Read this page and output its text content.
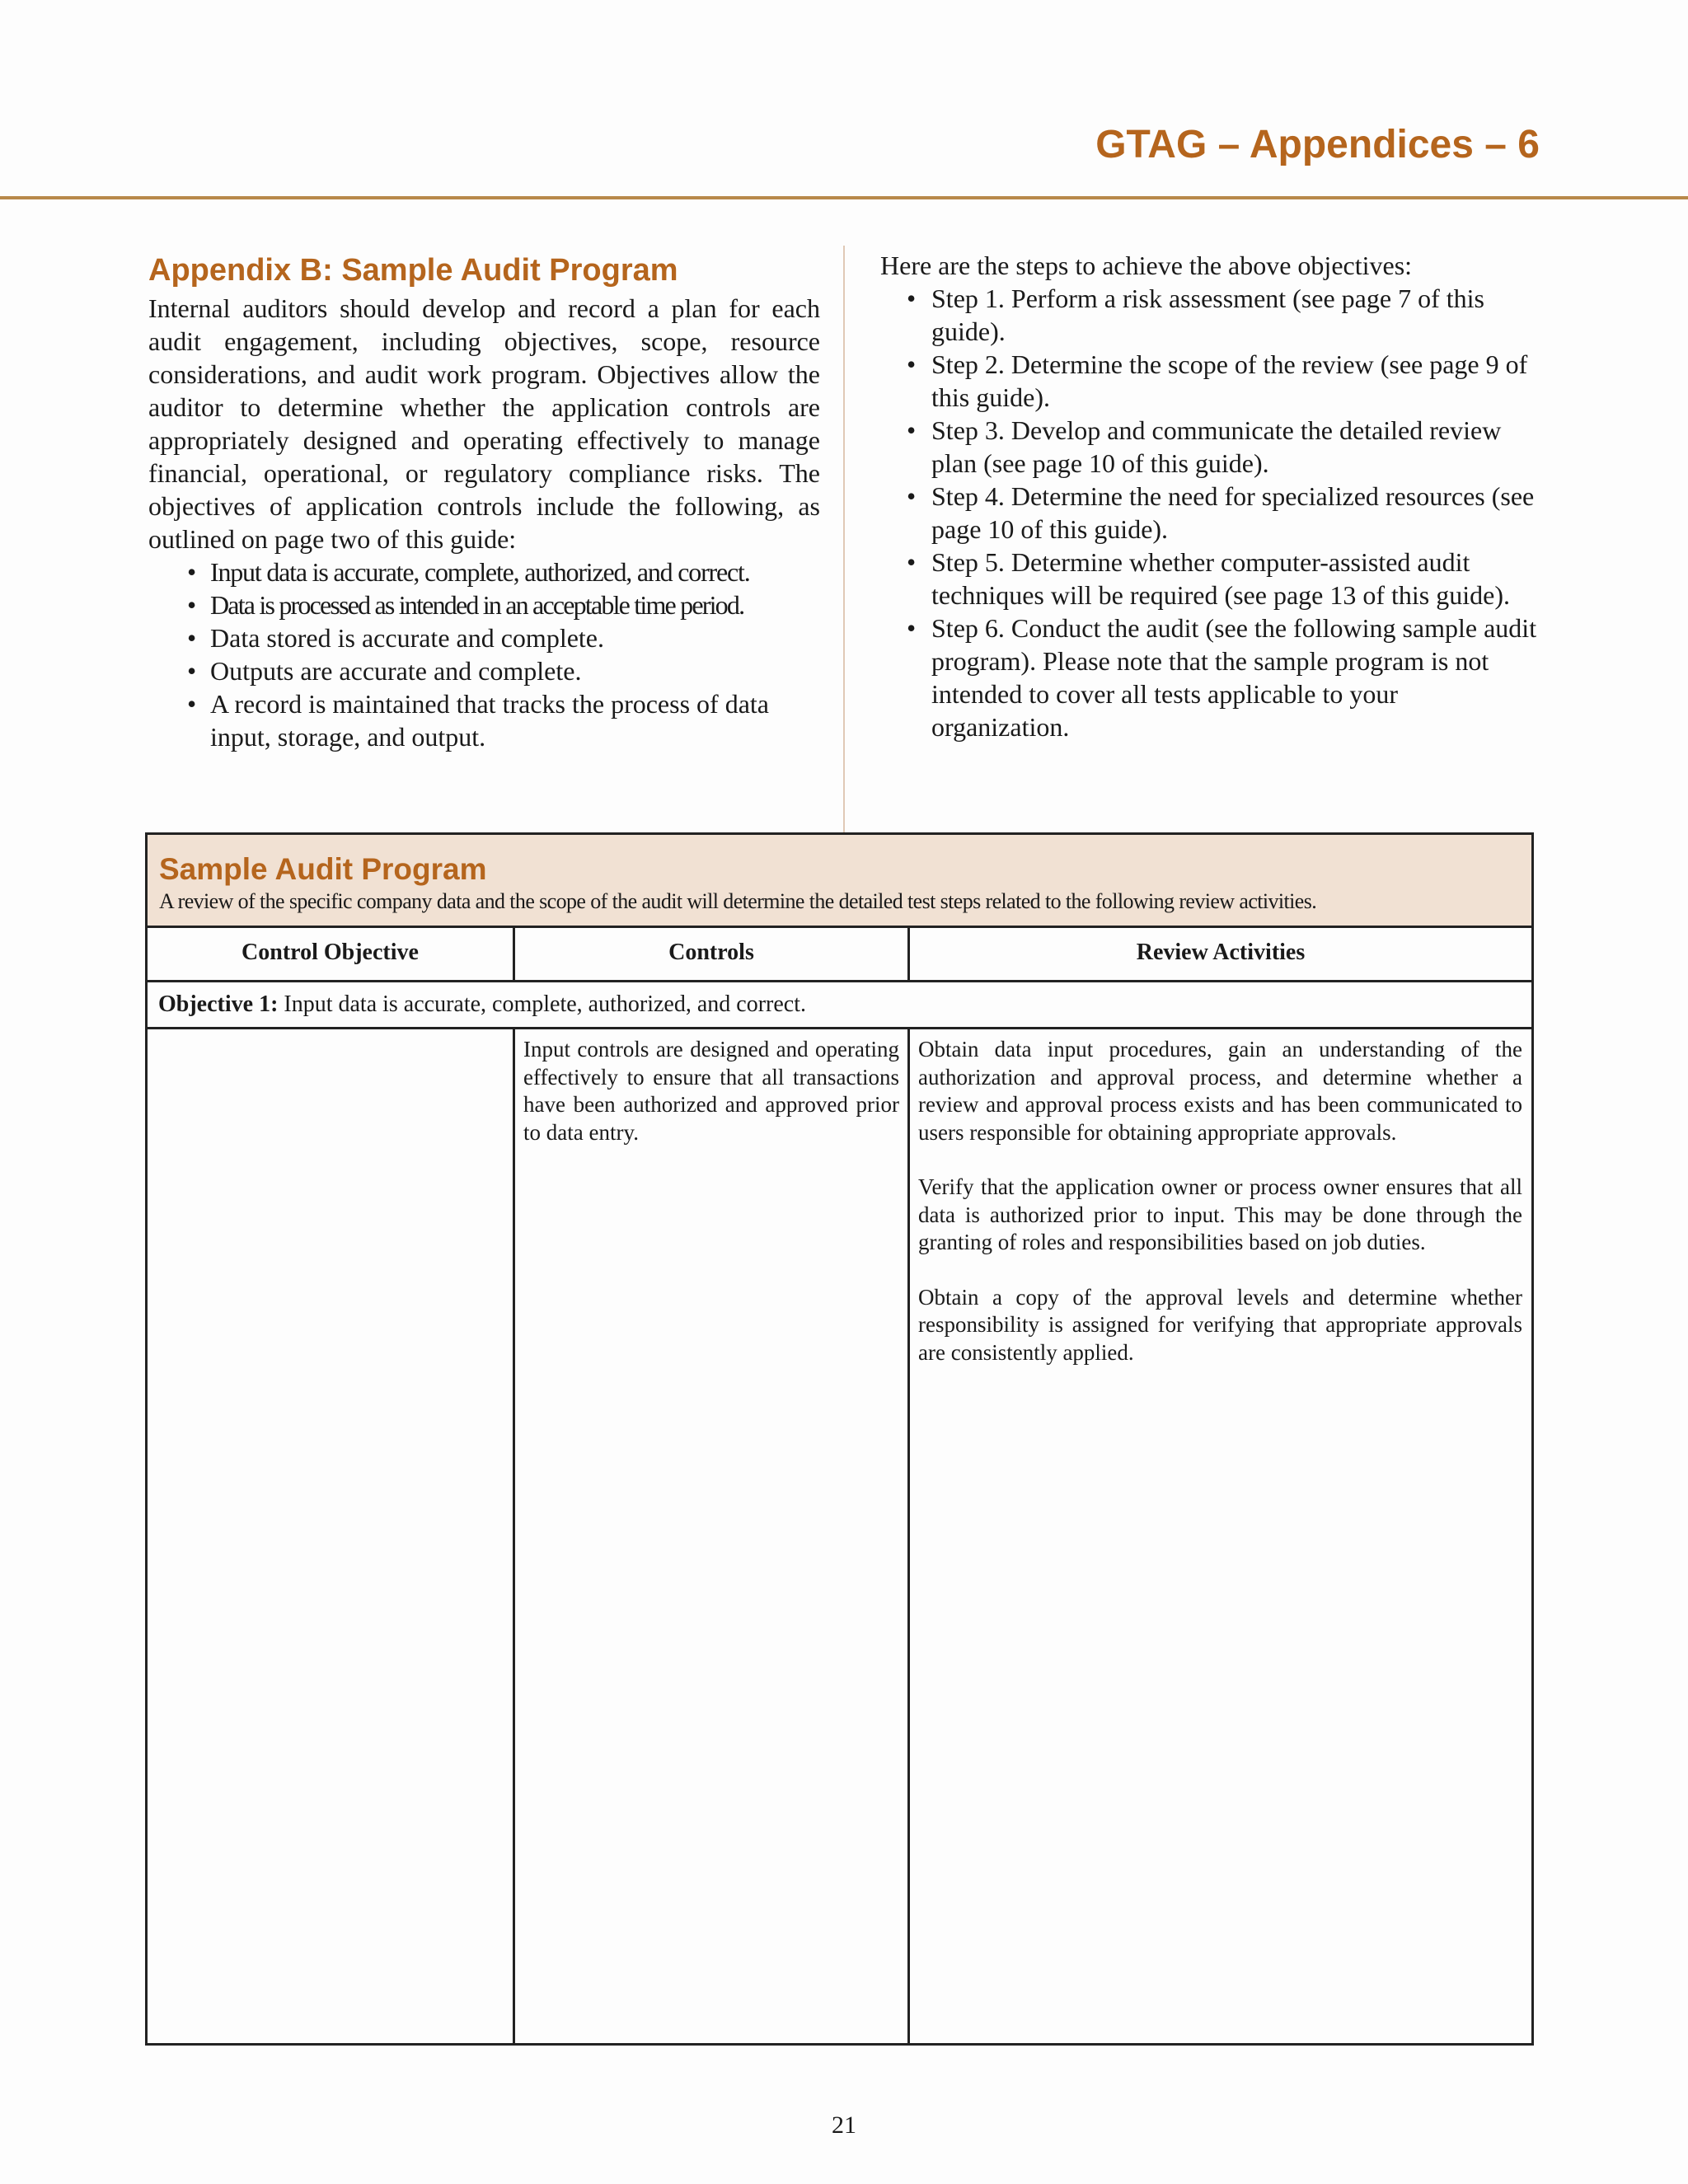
GTAG – Appendices – 6
Appendix B: Sample Audit Program

Internal auditors should develop and record a plan for each audit engagement, including objectives, scope, resource considerations, and audit work program. Objectives allow the auditor to determine whether the application controls are appropriately designed and operating effectively to manage financial, operational, or regulatory compliance risks. The objectives of application controls include the following, as outlined on page two of this guide:

• Input data is accurate, complete, authorized, and correct.
• Data is processed as intended in an acceptable time period.
• Data stored is accurate and complete.
• Outputs are accurate and complete.
• A record is maintained that tracks the process of data input, storage, and output.

Here are the steps to achieve the above objectives:

• Step 1. Perform a risk assessment (see page 7 of this guide).
• Step 2. Determine the scope of the review (see page 9 of this guide).
• Step 3. Develop and communicate the detailed review plan (see page 10 of this guide).
• Step 4. Determine the need for specialized resources (see page 10 of this guide).
• Step 5. Determine whether computer-assisted audit techniques will be required (see page 13 of this guide).
• Step 6. Conduct the audit (see the following sample audit program). Please note that the sample program is not intended to cover all tests applicable to your organization.
Sample Audit Program
A review of the specific company data and the scope of the audit will determine the detailed test steps related to the following review activities.
Control Objective	Controls	Review Activities
Objective 1: Input data is accurate, complete, authorized, and correct.

Input controls are designed and operating effectively to ensure that all transactions have been authorized and approved prior to data entry.

Obtain data input procedures, gain an understanding of the authorization and approval process, and determine whether a review and approval process exists and has been communicated to users responsible for obtaining appropriate approvals.

Verify that the application owner or process owner ensures that all data is authorized prior to input. This may be done through the granting of roles and responsibilities based on job duties.

Obtain a copy of the approval levels and determine whether responsibility is assigned for verifying that appropriate approvals are consistently applied.

21
